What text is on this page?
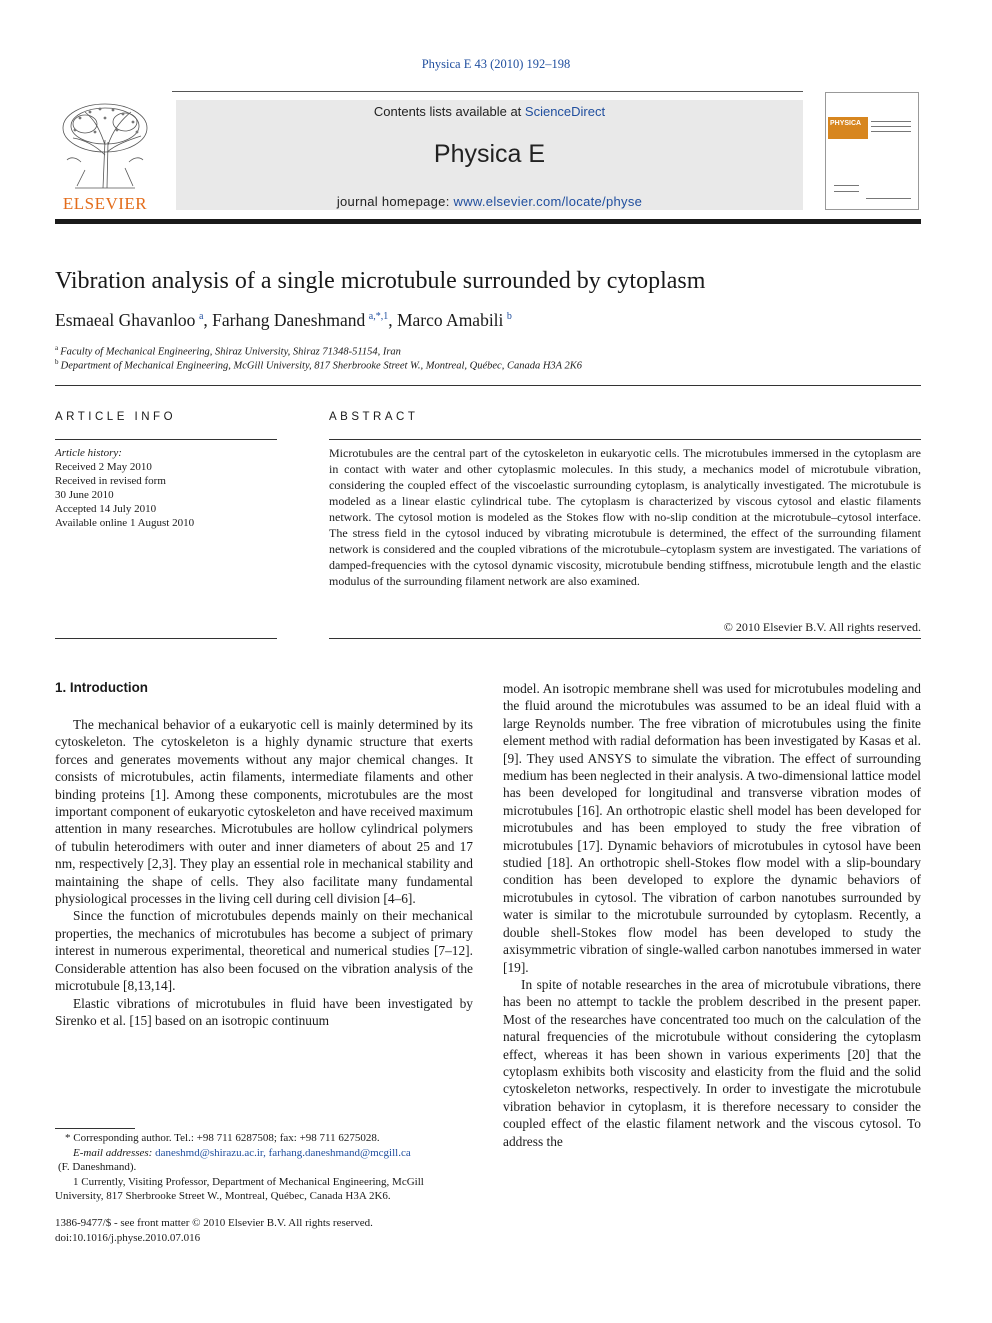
Physica E 43 (2010) 192–198
ELSEVIER
Contents lists available at ScienceDirect
Physica E
journal homepage: www.elsevier.com/locate/physe
PHYSICA
Vibration analysis of a single microtubule surrounded by cytoplasm
Esmaeal Ghavanloo  $^a$, Farhang Daneshmand  $^{a,*,1}$, Marco Amabili  $^b$
$^a$  Faculty of Mechanical Engineering, Shiraz University, Shiraz 71348-51154, Iran
$^b$  Department of Mechanical Engineering, McGill University, 817 Sherbrooke Street W., Montreal, Québec, Canada H3A 2K6
ARTICLE INFO
Article history:
Received 2 May 2010
Received in revised form
30 June 2010
Accepted 14 July 2010
Available online 1 August 2010
ABSTRACT
Microtubules are the central part of the cytoskeleton in eukaryotic cells. The microtubules immersed in the cytoplasm are in contact with water and other cytoplasmic molecules. In this study, a mechanics model of microtubule vibration, considering the coupled effect of the viscoelastic surrounding cytoplasm, is analytically investigated. The microtubule is modeled as a linear elastic cylindrical tube. The cytoplasm is characterized by viscous cytosol and elastic filaments network. The cytosol motion is modeled as the Stokes flow with no-slip condition at the microtubule–cytosol interface. The stress field in the cytosol induced by vibrating microtubule is determined, the effect of the surrounding filament network is considered and the coupled vibrations of the microtubule–cytoplasm system are investigated. The variations of damped-frequencies with the cytosol dynamic viscosity, microtubule bending stiffness, microtubule length and the elastic modulus of the surrounding filament network are also examined.
© 2010 Elsevier B.V. All rights reserved.
1. Introduction

The mechanical behavior of a eukaryotic cell is mainly determined by its cytoskeleton. The cytoskeleton is a highly dynamic structure that exerts forces and generates movements without any major chemical changes. It consists of microtubules, actin filaments, intermediate filaments and other binding proteins [1]. Among these components, microtubules are the most important component of eukaryotic cytoskeleton and have received maximum attention in many researches. Microtubules are hollow cylindrical polymers of tubulin heterodimers with outer and inner diameters of about 25 and 17 nm, respectively [2,3]. They play an essential role in mechanical stability and maintaining the shape of cells. They also facilitate many fundamental physiological processes in the living cell during cell division [4–6].

Since the function of microtubules depends mainly on their mechanical properties, the mechanics of microtubules has become a subject of primary interest in numerous experimental, theoretical and numerical studies [7–12]. Considerable attention has also been focused on the vibration analysis of the microtubule [8,13,14].

Elastic vibrations of microtubules in fluid have been investigated by Sirenko et al. [15] based on an isotropic continuum

model. An isotropic membrane shell was used for microtubules modeling and the fluid around the microtubules was assumed to be an ideal fluid with a large Reynolds number. The free vibration of microtubules using the finite element method with radial deformation has been investigated by Kasas et al. [9]. They used ANSYS to simulate the vibration. The effect of surrounding medium has been neglected in their analysis. A two-dimensional lattice model has been developed for longitudinal and transverse vibration modes of microtubules [16]. An orthotropic elastic shell model has been developed for microtubules and has been employed to study the free vibration of microtubules [17]. Dynamic behaviors of microtubules in cytosol have been studied [18]. An orthotropic shell-Stokes flow model with a slip-boundary condition has been developed to explore the dynamic behaviors of microtubules in cytosol. The vibration of carbon nanotubes surrounded by water is similar to the microtubule surrounded by cytoplasm. Recently, a double shell-Stokes flow model has been developed to study the axisymmetric vibration of single-walled carbon nanotubes immersed in water [19].

In spite of notable researches in the area of microtubule vibrations, there has been no attempt to tackle the problem described in the present paper. Most of the researches have concentrated too much on the calculation of the natural frequencies of the microtubule without considering the cytoplasm effect, whereas it has been shown in various experiments [20] that the cytoplasm exhibits both viscosity and elasticity from the fluid and the solid cytoskeleton networks, respectively. In order to investigate the microtubule vibration behavior in cytoplasm, it is therefore necessary to consider the coupled effect of the elastic filament network and the viscous cytosol. To address the

* Corresponding author. Tel.: +98 711 6287508; fax: +98 711 6275028.

E-mail addresses: daneshmd@shirazu.ac.ir, farhang.daneshmand@mcgill.ca

(F. Daneshmand).

1 Currently, Visiting Professor, Department of Mechanical Engineering, McGill University, 817 Sherbrooke Street W., Montreal, Québec, Canada H3A 2K6.

1386-9477/$ - see front matter © 2010 Elsevier B.V. All rights reserved.

doi:10.1016/j.physe.2010.07.016
